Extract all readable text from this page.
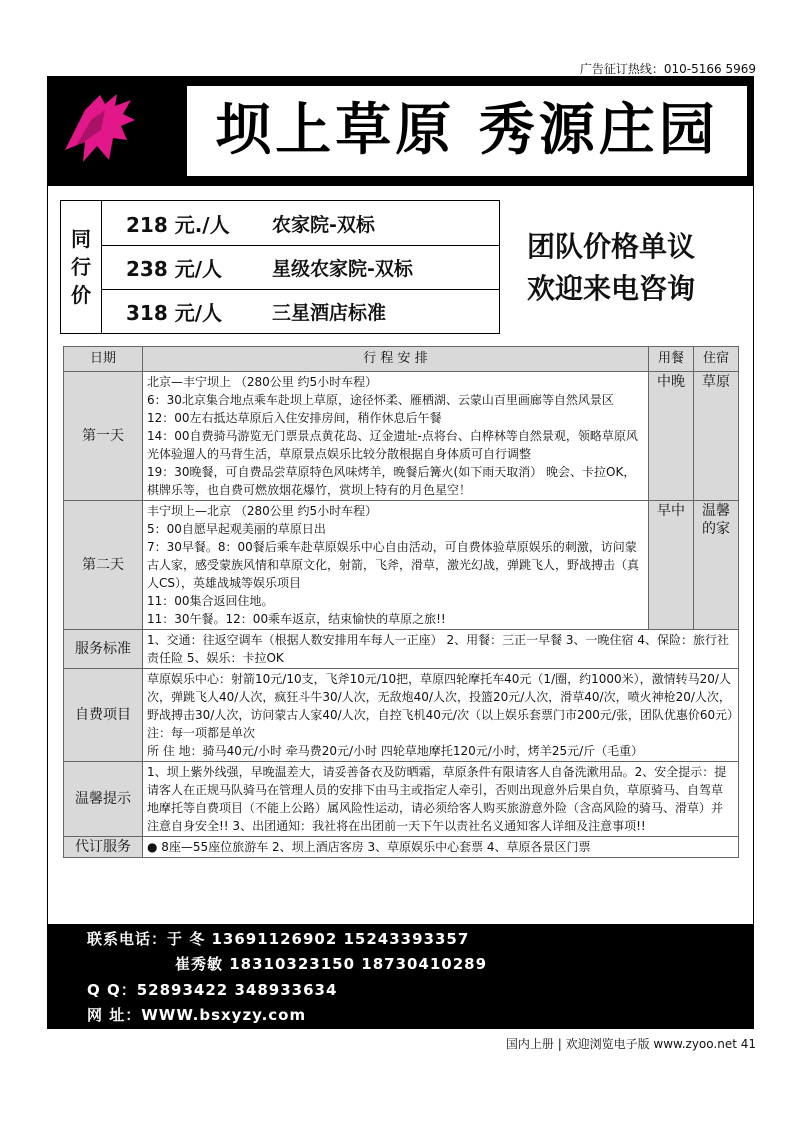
广告征订热线：010-5166 5969
坝上草原 秀源庄园
同
行
价
218 元./人	农家院-双标
238 元/人	星级农家院-双标
318 元/人	三星酒店标准
团队价格单议
欢迎来电咨询
日期	行 程 安 排	用餐	住宿
第一天	北京—丰宁坝上 （280公里 约5小时车程）
6：30北京集合地点乘车赴坝上草原，途径怀柔、雁栖湖、云蒙山百里画廊等自然风景区
12：00左右抵达草原后入住安排房间，稍作休息后午餐
14：00自费骑马游览无门票景点黄花岛、辽金遗址-点将台、白桦林等自然景观，领略草原风光体验遛人的马背生活，草原景点娱乐比较分散根据自身体质可自行调整
19：30晚餐，可自费品尝草原特色风味烤羊，晚餐后篝火(如下雨天取消） 晚会、卡拉OK，棋牌乐等，也自费可燃放烟花爆竹，赏坝上特有的月色星空！	中晚	草原
第二天	丰宁坝上—北京 （280公里 约5小时车程）
5：00自愿早起观美丽的草原日出
7：30早餐。8：00餐后乘车赴草原娱乐中心自由活动，可自费体验草原娱乐的刺激，访问蒙古人家，感受蒙族风情和草原文化，射箭，飞斧，滑草，激光幻战，弹跳飞人，野战搏击（真人CS），英雄战城等娱乐项目
11：00集合返回住地。
11：30午餐。12：00乘车返京，结束愉快的草原之旅!!	早中	温馨的家
服务标准	1、交通：往返空调车（根据人数安排用车每人一正座） 2、用餐：三正一早餐 3、一晚住宿 4、保险：旅行社责任险 5、娱乐：卡拉OK		
自费项目	草原娱乐中心：射箭10元/10支，飞斧10元/10把，草原四轮摩托车40元（1/圈，约1000米），激情转马20/人次，弹跳飞人40/人次，疯狂斗牛30/人次，无敌炮40/人次，投篮20元/人次，滑草40/次，喷火神枪20/人次，野战搏击30/人次，访问蒙古人家40/人次，自控飞机40元/次（以上娱乐套票门市200元/张，团队优惠价60元）注：每一项都是单次
所 住 地：骑马40元/小时 牵马费20元/小时 四轮草地摩托120元/小时，烤羊25元/斤（毛重）		

温馨提示	1、坝上紫外线强，早晚温差大，请妥善备衣及防晒霜，草原条件有限请客人自备洗漱用品。2、安全提示：提请客人在正规马队骑马在管理人员的安排下由马主或指定人牵引，否则出现意外后果自负，草原骑马、自驾草地摩托等自费项目（不能上公路）属风险性运动，请必须给客人购买旅游意外险（含高风险的骑马、滑草）并注意自身安全!! 3、出团通知：我社将在出团前一天下午以责社名义通知客人详细及注意事项!!		
代订服务	● 8座—55座位旅游车 2、坝上酒店客房 3、草原娱乐中心套票 4、草原各景区门票		
联系电话：于 冬 13691126902 15243393357
崔秀敏 18310323150 18730410289
Q Q：52893422 348933634
网 址：WWW.bsxyzy.com
国内上册 | 欢迎浏览电子版 www.zyoo.net 41
